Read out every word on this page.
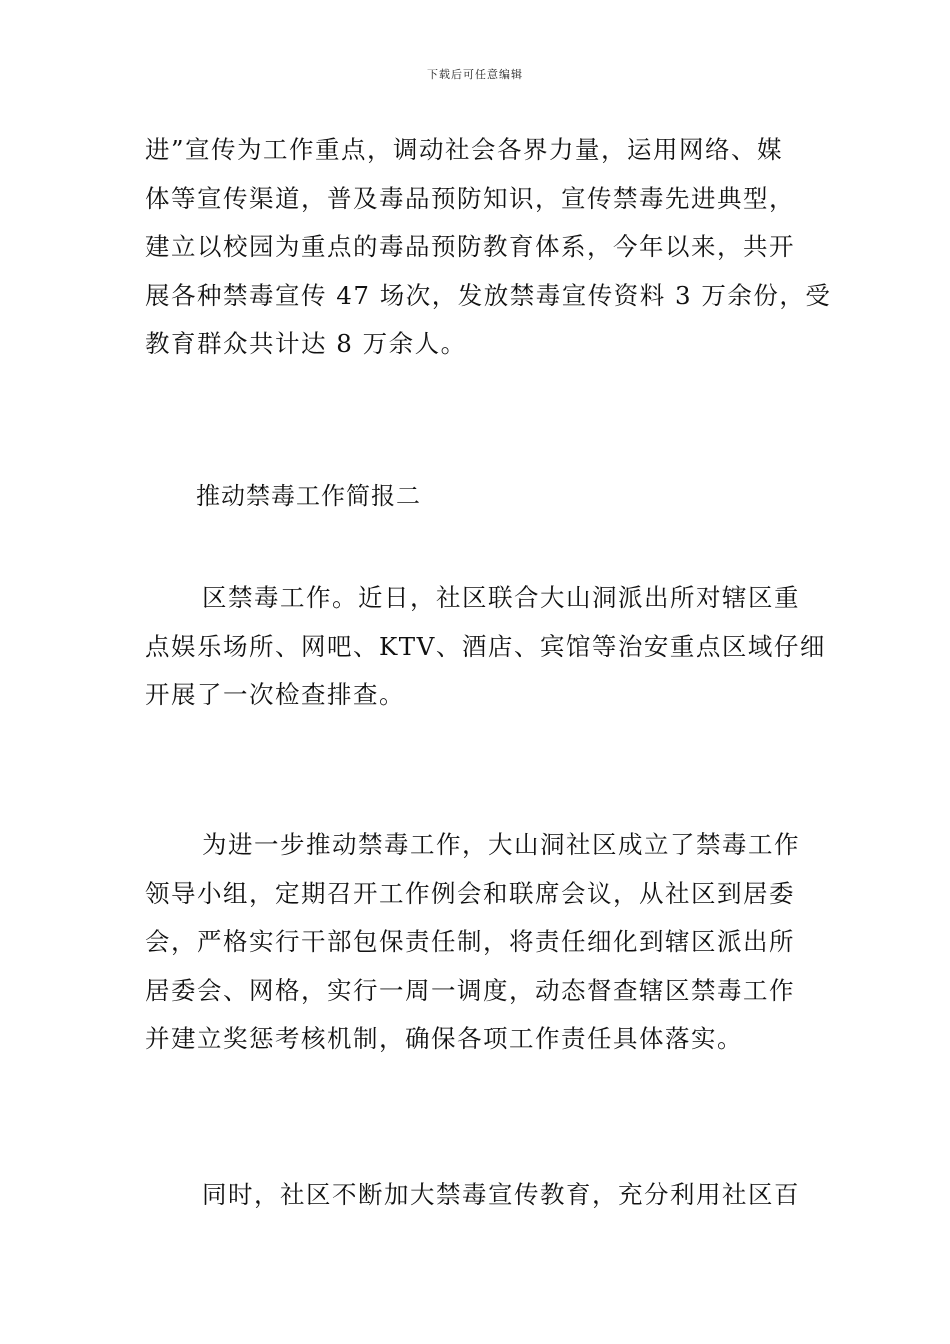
下载后可任意编辑

进”宣传为工作重点，调动社会各界力量，运用网络、媒
体等宣传渠道，普及毒品预防知识，宣传禁毒先进典型，
建立以校园为重点的毒品预防教育体系，今年以来，共开
展各种禁毒宣传 47 场次，发放禁毒宣传资料 3 万余份，受
教育群众共计达 8 万余人。

推动禁毒工作简报二

区禁毒工作。近日，社区联合大山洞派出所对辖区重
点娱乐场所、网吧、KTV、酒店、宾馆等治安重点区域仔细
开展了一次检查排查。

为进一步推动禁毒工作，大山洞社区成立了禁毒工作
领导小组，定期召开工作例会和联席会议，从社区到居委
会，严格实行干部包保责任制，将责任细化到辖区派出所
居委会、网格，实行一周一调度，动态督查辖区禁毒工作
并建立奖惩考核机制，确保各项工作责任具体落实。

同时，社区不断加大禁毒宣传教育，充分利用社区百
